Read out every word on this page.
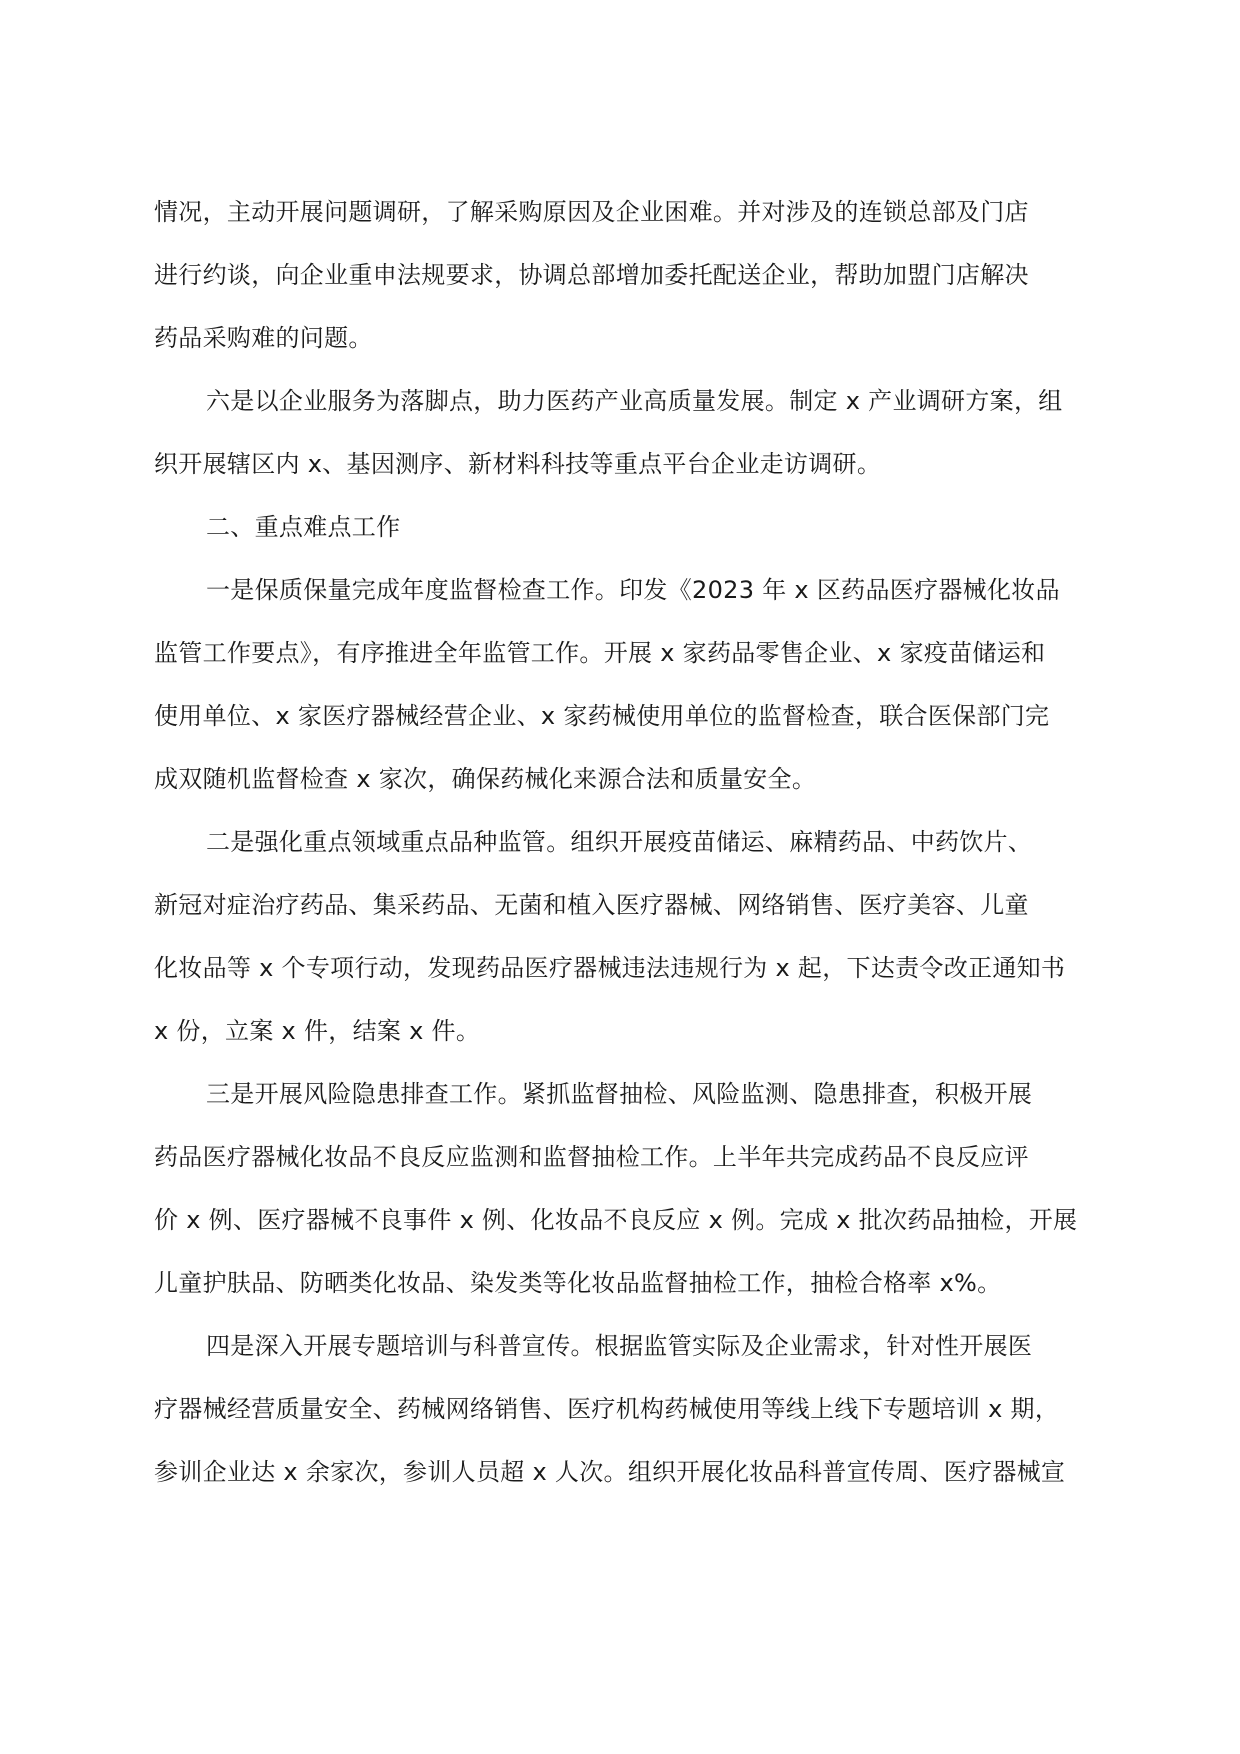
情况，主动开展问题调研，了解采购原因及企业困难。并对涉及的连锁总部及门店
进行约谈，向企业重申法规要求，协调总部增加委托配送企业，帮助加盟门店解决
药品采购难的问题。
六是以企业服务为落脚点，助力医药产业高质量发展。制定 x 产业调研方案，组
织开展辖区内 x、基因测序、新材料科技等重点平台企业走访调研。
二、重点难点工作
一是保质保量完成年度监督检查工作。印发《2023 年 x 区药品医疗器械化妆品
监管工作要点》，有序推进全年监管工作。开展 x 家药品零售企业、x 家疫苗储运和
使用单位、x 家医疗器械经营企业、x 家药械使用单位的监督检查，联合医保部门完
成双随机监督检查 x 家次，确保药械化来源合法和质量安全。
二是强化重点领域重点品种监管。组织开展疫苗储运、麻精药品、中药饮片、
新冠对症治疗药品、集采药品、无菌和植入医疗器械、网络销售、医疗美容、儿童
化妆品等 x 个专项行动，发现药品医疗器械违法违规行为 x 起，下达责令改正通知书
x 份，立案 x 件，结案 x 件。
三是开展风险隐患排查工作。紧抓监督抽检、风险监测、隐患排查，积极开展
药品医疗器械化妆品不良反应监测和监督抽检工作。上半年共完成药品不良反应评
价 x 例、医疗器械不良事件 x 例、化妆品不良反应 x 例。完成 x 批次药品抽检，开展
儿童护肤品、防晒类化妆品、染发类等化妆品监督抽检工作，抽检合格率 x%。
四是深入开展专题培训与科普宣传。根据监管实际及企业需求，针对性开展医
疗器械经营质量安全、药械网络销售、医疗机构药械使用等线上线下专题培训 x 期，
参训企业达 x 余家次，参训人员超 x 人次。组织开展化妆品科普宣传周、医疗器械宣
